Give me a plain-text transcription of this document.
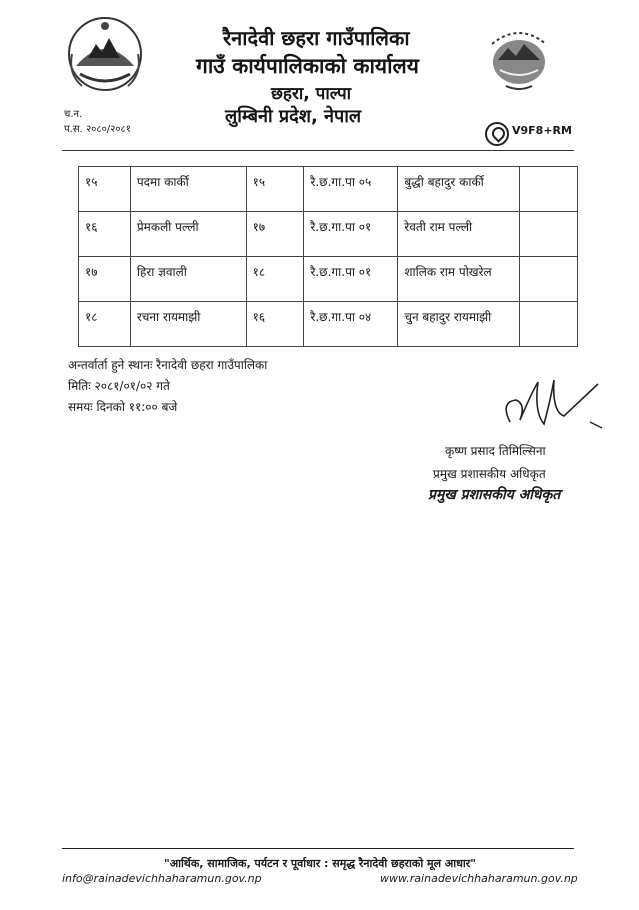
रैनादेवी छहरा गाउँपालिका
गाउँ कार्यपालिकाको कार्यालय
छहरा, पाल्पा
लुम्बिनी प्रदेश, नेपाल
च.न.
प.स. २०८०/२०८१	V9F8+RM
१५	पदमा कार्की	१५	रै.छ.गा.पा ०५	बुद्धी बहादुर कार्की	
१६	प्रेमकली पल्ली	१७	रै.छ.गा.पा ०१	रेवती राम पल्ली	
१७	हिरा ज्ञवाली	१८	रै.छ.गा.पा ०१	शालिक राम पोखरेल	
१८	रचना रायमाझी	१६	रै.छ.गा.पा ०४	चुन बहादुर रायमाझी	
अन्तर्वार्ता हुने स्थानः रैनादेवी छहरा गाउँपालिका
मितिः २०८१/०१/०२ गते
समयः दिनको ११:०० बजे
कृष्ण प्रसाद तिमिल्सिना
प्रमुख प्रशासकीय अधिकृत
प्रमुख प्रशासकीय अधिकृत
"आर्थिक, सामाजिक, पर्यटन र पूर्वाधार : समृद्ध रैनादेवी छहराको मूल आधार"
info@rainadevichhaharamun.gov.np	www.rainadevichhaharamun.gov.np
